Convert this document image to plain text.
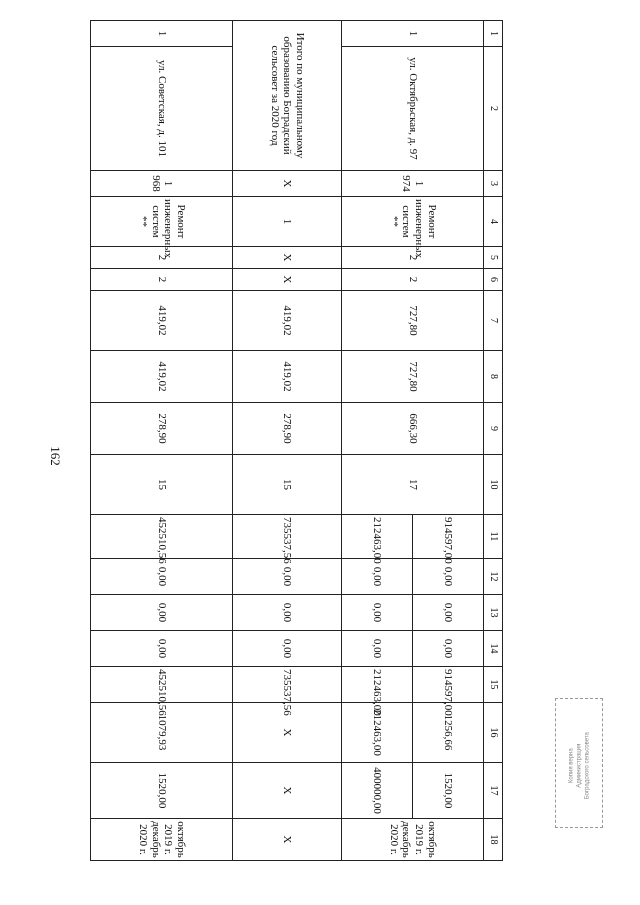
162
1	2	3	4	5	6	7	8	9	10	11	12	13	14	15	16	17	18
1	ул. Октябрьская, д. 97	1 974	Ремонт инженерных систем **	2	2	727,80	727,80	666,30	17	914597,00	0,00	0,00	0,00	914597,00	1256,66	1520,00	октябрь 2019 г. декабрь 2020 г.
										212463,00	0,00	0,00	0,00	212463,00	212463,00	400000,00	
Итого по муниципальному образованию Боградский сельсовет за 2020 год		X	1	X	X	419,02	419,02	278,90	15	735537,56	0,00	0,00	0,00	735537,56	X	X	X
1	ул. Советская, д. 101	1 968	Ремонт инженерных систем **	2	2	419,02	419,02	278,90	15	452510,56	0,00	0,00	0,00	452510,56	1079,93	1520,00	октябрь 2019 г. декабрь 2020 г.
Копия верна Администрация Боградского сельсовета
